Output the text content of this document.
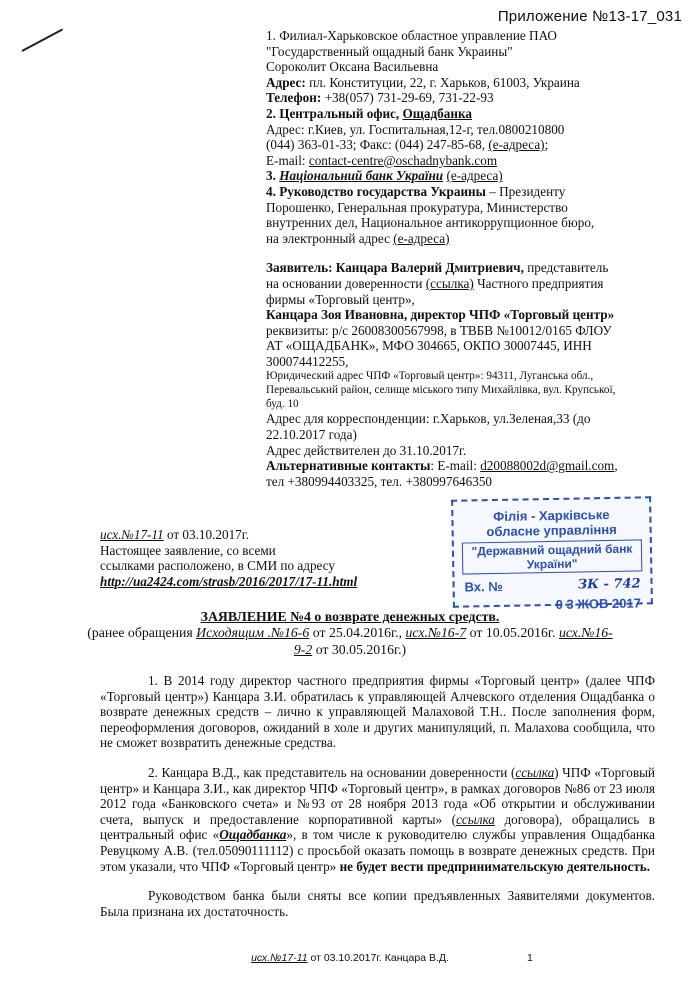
Приложение №13-17_031

1. Филиал-Харьковское областное управление ПАО

"Государственный ощадный банк Украины"

Сороколит Оксана Васильевна

Адрес: пл. Конституции, 22, г. Харьков, 61003, Украина

Телефон: +38(057) 731-29-69, 731-22-93

2. Центральный офис, Ощадбанка

Адрес: г.Киев, ул. Госпитальная,12-г, тел.0800210800

(044) 363-01-33; Факс: (044) 247-85-68, (е-адреса);

E-mail: contact-centre@oschadnybank.com

3. Національний банк України (е-адреса)

4. Руководство государства Украины – Президенту

Порошенко, Генеральная прокуратура, Министерство

внутренних дел, Национальное антикоррупционное бюро,

на электронный адрес (е-адреса)

Заявитель: Канцара Валерий Дмитриевич, представитель

на основании доверенности (ссылка) Частного предприятия

фирмы «Торговый центр»,

Канцара Зоя Ивановна, директор ЧПФ «Торговый центр»

реквизиты: р/с 26008300567998, в ТВБВ №10012/0165 ФЛОУ

АТ «ОЩАДБАНК», МФО 304665, ОКПО 30007445, ИНН

300074412255,

Юридический адрес ЧПФ «Торговый центр»: 94311, Луганська обл.,

Перевальський район, селище міського типу Михайлівка, вул. Крупської,

буд. 10

Адрес для корреспонденции: г.Харьков, ул.Зеленая,33 (до

22.10.2017 года)

Адрес действителен до 31.10.2017г.

Альтернативные контакты: E-mail: d20088002d@gmail.com,

тел +380994403325, тел. +380997646350

Філія - Харківське
обласне управління
"Державний ощадний банк України"
Вх. №	ЗК - 742
0 3 ЖОВ 2017

исх.№17-11 от 03.10.2017г.

Настоящее заявление, со всеми

ссылками расположено, в СМИ по адресу

http://ua2424.com/strasb/2016/2017/17-11.html

ЗАЯВЛЕНИЕ №4 о возврате денежных средств.

(ранее обращения Исходящим .№16-6 от 25.04.2016г., исх.№16-7 от 10.05.2016г. исх.№16-

9-2 от 30.05.2016г.)

1. В 2014 году директор частного предприятия фирмы «Торговый центр» (далее ЧПФ «Торговый центр») Канцара З.И. обратилась к управляющей Алчевского отделения Ощадбанка о возврате денежных средств – лично к управляющей Малаховой Т.Н.. После заполнения форм, переоформления договоров, ожиданий в холе и других манипуляций, п. Малахова сообщила, что не сможет возвратить денежные средства.

2. Канцара В.Д., как представитель на основании доверенности (ссылка) ЧПФ «Торговый центр» и Канцара З.И., как директор ЧПФ «Торговый центр», в рамках договоров №86 от 23 июля 2012 года «Банковского счета» и №93 от 28 ноября 2013 года «Об открытии и обслуживании счета, выпуск и предоставление корпоративной карты» (ссылка договора), обращались в центральный офис «Ощадбанка», в том числе к руководителю службы управления Ощадбанка Ревуцкому А.В. (тел.05090111112) с просьбой оказать помощь в возврате денежных средств. При этом указали, что ЧПФ «Торговый центр» не будет вести предпринимательскую деятельность.

Руководством банка были сняты все копии предъявленных Заявителями документов. Была признана их достаточность.

исх.№17-11 от 03.10.2017г. Канцара В.Д.	1
